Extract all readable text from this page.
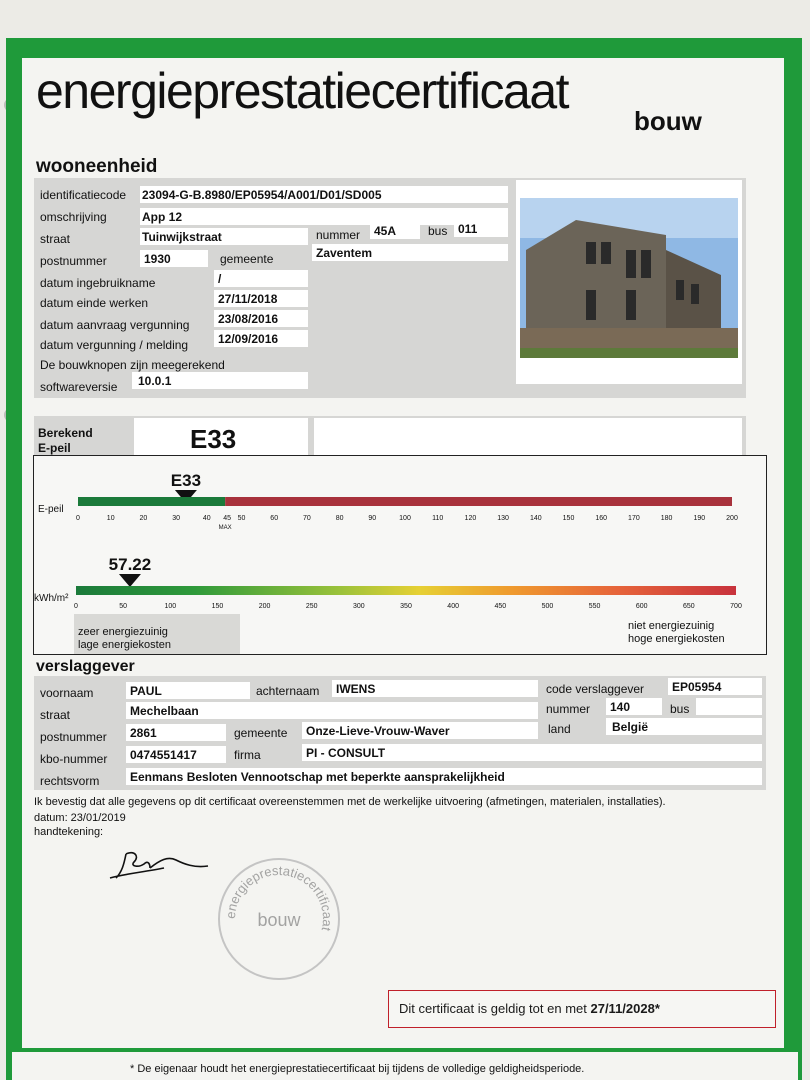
energieprestatiecertificaat
bouw
wooneenheid
identificatiecode 23094-G-B.8980/EP05954/A001/D01/SD005
omschrijving	App 12
straat	Tuinwijkstraat	nummer 45A	bus 011
postnummer	1930	gemeente	Zaventem
datum ingebruikname	/
datum einde werken	27/11/2018
datum aanvraag vergunning 23/08/2016
datum vergunning / melding 12/09/2016
De bouwknopen zijn meegerekend
softwareversie 10.0.1
Berekend
E-peil	E33
E-peil
E33
0	10	20	30	40 45 50	60	70	80	90	100	110	120	130	140	150	160	170	180	190	200
MAX
kWh/m²
57.22
0	50	100	150	200	250	300	350	400	450	500	550	600	650	700
zeer energiezuinig
lage energiekosten
niet energiezuinig
hoge energiekosten
verslaggever
voornaam	PAUL	achternaam IWENS	code verslaggever EP05954
straat	Mechelbaan	nummer 140	bus
postnummer 2861	gemeente Onze-Lieve-Vrouw-Waver	land	België
kbo-nummer 0474551417	firma	PI - CONSULT
rechtsvorm	Eenmans Besloten Vennootschap met beperkte aansprakelijkheid
Ik bevestig dat alle gegevens op dit certificaat overeenstemmen met de werkelijke uitvoering (afmetingen, materialen, installaties).
datum: 23/01/2019
handtekening:
energieprestatiecertificaat
bouw
Dit certificaat is geldig tot en met 27/11/2028*
* De eigenaar houdt het energieprestatiecertificaat bij tijdens de volledige geldigheidsperiode.
